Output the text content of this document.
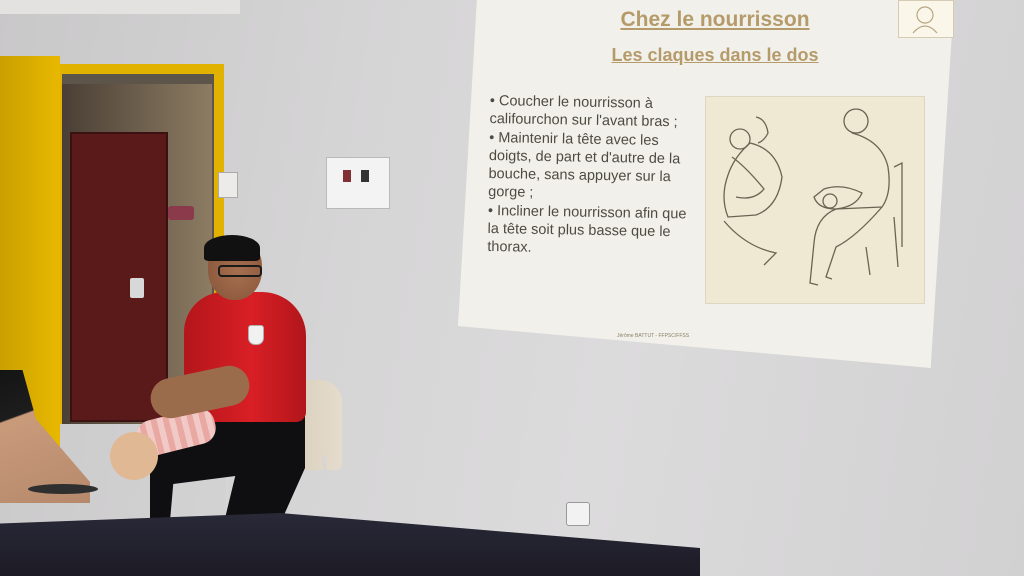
Chez le nourrisson
Les claques dans le dos

• Coucher le nourrisson à califourchon sur l'avant bras ;

• Maintenir la tête avec les doigts, de part et d'autre de la bouche, sans appuyer sur la gorge ;

• Incliner le nourrisson afin que la tête soit plus basse que le thorax.

Jérôme BATTUT - FFPSC/FFSS
